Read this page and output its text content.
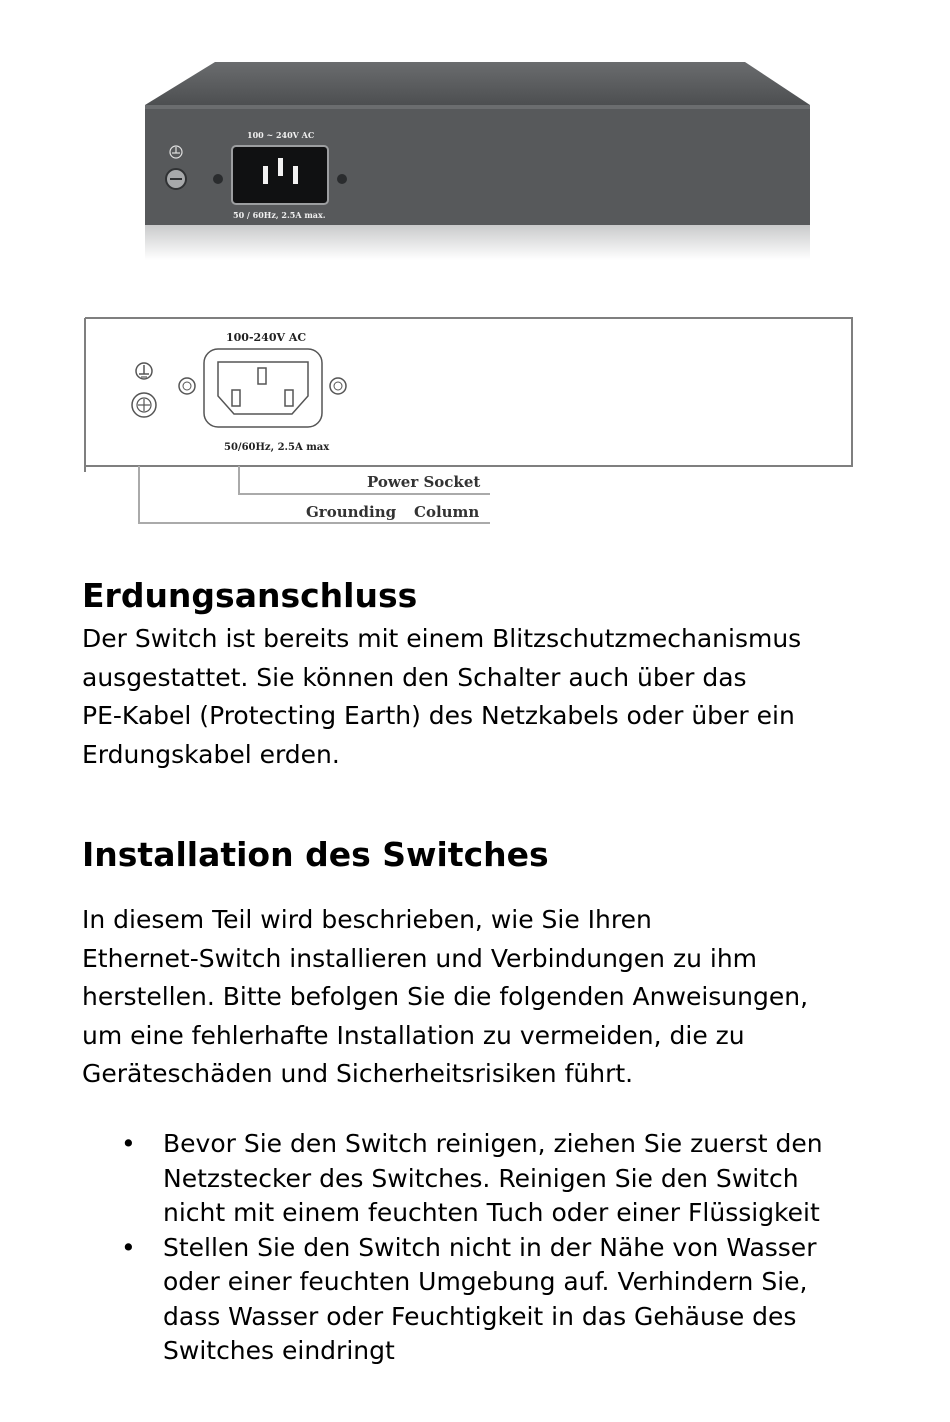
100 ~ 240V AC
50 / 60Hz, 2.5A max.
100-240V AC
50/60Hz, 2.5A max
Power Socket
Grounding Column
Erdungsanschluss

Der Switch ist bereits mit einem Blitzschutzmechanismus
ausgestattet. Sie können den Schalter auch über das
PE-Kabel (Protecting Earth) des Netzkabels oder über ein
Erdungskabel erden.

Installation des Switches

In diesem Teil wird beschrieben, wie Sie Ihren
Ethernet-Switch installieren und Verbindungen zu ihm
herstellen. Bitte befolgen Sie die folgenden Anweisungen,
um eine fehlerhafte Installation zu vermeiden, die zu
Geräteschäden und Sicherheitsrisiken führt.

• Bevor Sie den Switch reinigen, ziehen Sie zuerst den
Netzstecker des Switches. Reinigen Sie den Switch
nicht mit einem feuchten Tuch oder einer Flüssigkeit
• Stellen Sie den Switch nicht in der Nähe von Wasser
oder einer feuchten Umgebung auf. Verhindern Sie,
dass Wasser oder Feuchtigkeit in das Gehäuse des
Switches eindringt
